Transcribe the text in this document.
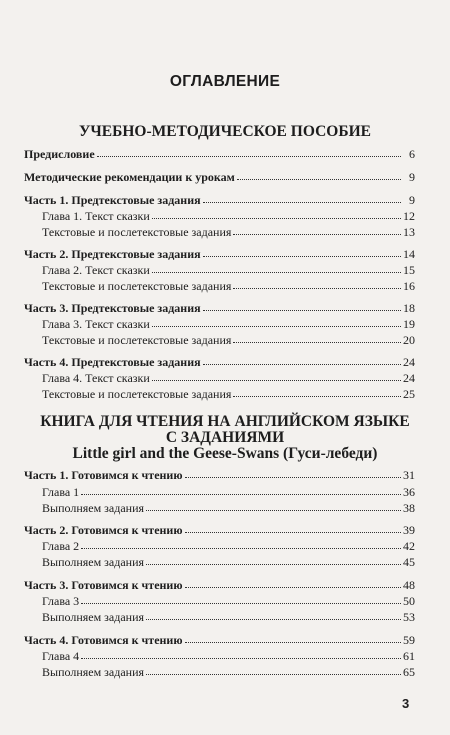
ОГЛАВЛЕНИЕ
УЧЕБНО-МЕТОДИЧЕСКОЕ ПОСОБИЕ
Предисловие	6
Методические рекомендации к урокам	9
Часть 1. Предтекстовые задания	9
Глава 1. Текст сказки	12
Текстовые и послетекстовые задания	13
Часть 2. Предтекстовые задания	14
Глава 2. Текст сказки	15
Текстовые и послетекстовые задания	16
Часть 3. Предтекстовые задания	18
Глава 3. Текст сказки	19
Текстовые и послетекстовые задания	20
Часть 4. Предтекстовые задания	24
Глава 4. Текст сказки	24
Текстовые и послетекстовые задания	25
КНИГА ДЛЯ ЧТЕНИЯ НА АНГЛИЙСКОМ ЯЗЫКЕ
С ЗАДАНИЯМИ
Little girl and the Geese-Swans (Гуси-лебеди)
Часть 1. Готовимся к чтению	31
Глава 1	36
Выполняем задания	38
Часть 2. Готовимся к чтению	39
Глава 2	42
Выполняем задания	45
Часть 3. Готовимся к чтению	48
Глава 3	50
Выполняем задания	53
Часть 4. Готовимся к чтению	59
Глава 4	61
Выполняем задания	65
3
